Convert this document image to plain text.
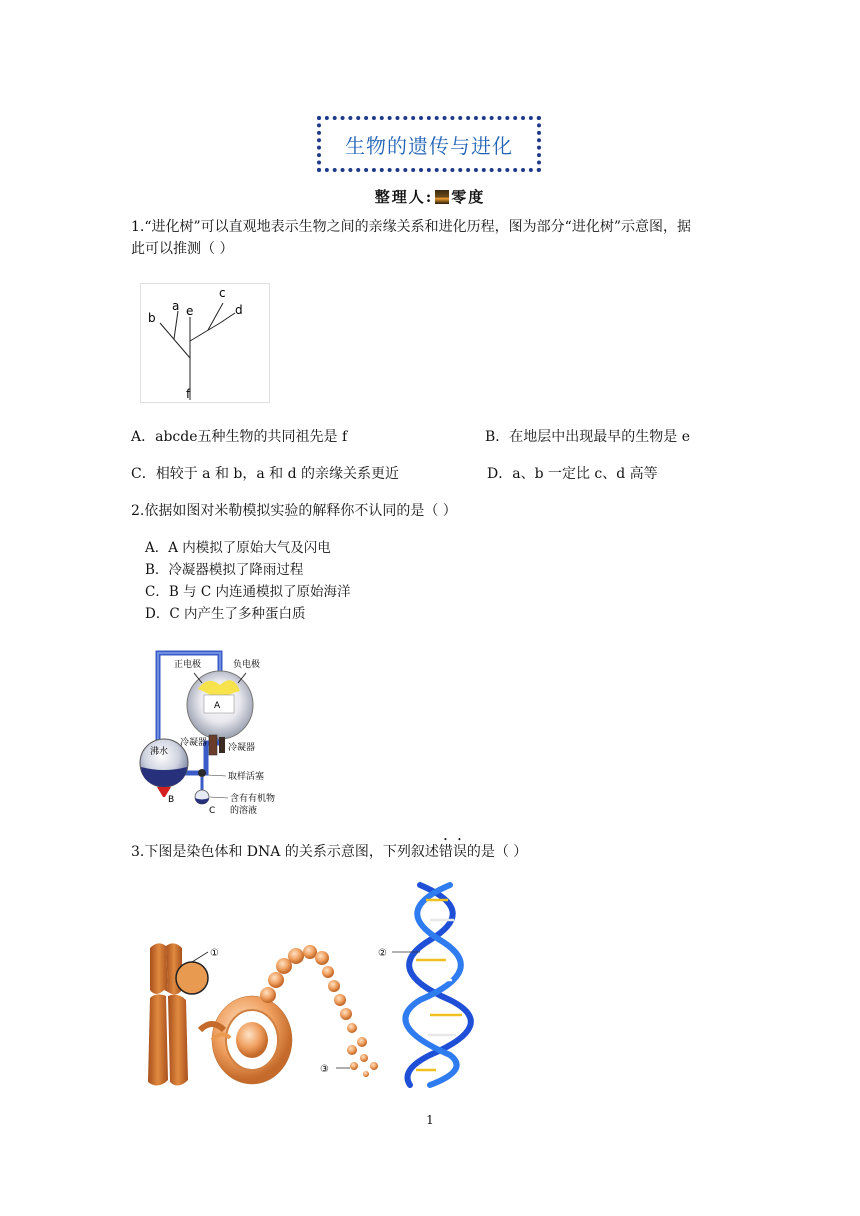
生物的遗传与进化
整理人: 零度
1.“进化树”可以直观地表示生物之间的亲缘关系和进化历程，图为部分“进化树”示意图，据
此可以推测（ ）
b
a e
c
d
f
A．abcde五种生物的共同祖先是 f	B．在地层中出现最早的生物是 e
C．相较于 a 和 b，a 和 d 的亲缘关系更近	D．a、b 一定比 c、d 高等
2.依据如图对米勒模拟实验的解释你不认同的是（ ）
A．A 内模拟了原始大气及闪电
B．冷凝器模拟了降雨过程
C．B 与 C 内连通模拟了原始海洋
D．C 内产生了多种蛋白质
A
正电极	负电极
冷凝器 冷凝器
沸水
B
取样活塞
C
含有有机物
的溶液
3.下图是染色体和 DNA 的关系示意图，下列叙述错误的是（ ）
①
③
②
1
